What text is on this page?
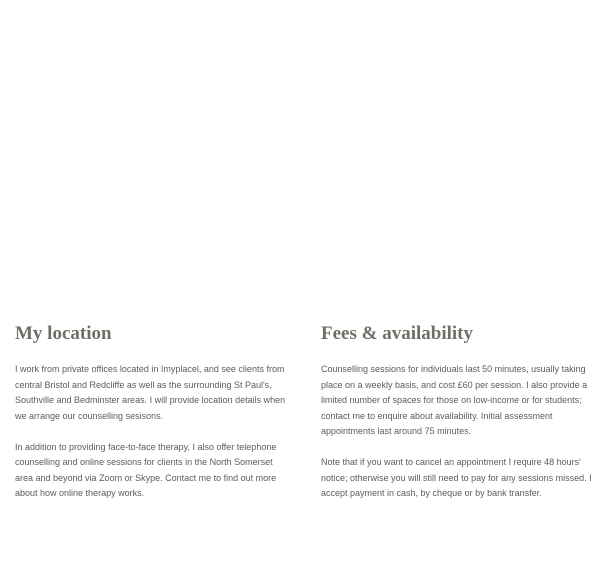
My location

I work from private offices located in Imyplacel, and see clients from
central Bristol and Redcliffe as well as the surrounding St Paul's,
Southville and Bedminster areas. I will provide location details when
we arrange our counselling sesisons.

In addition to providing face-to-face therapy, I also offer telephone
counselling and online sessions for clients in the North Somerset
area and beyond via Zoom or Skype. Contact me to find out more
about how online therapy works.

Fees & availability

Counselling sessions for individuals last 50 minutes, usually taking
place on a weekly basis, and cost £60 per session. I also provide a
limited number of spaces for those on low-income or for students;
contact me to enquire about availability. Initial assessment
appointments last around 75 minutes.

Note that if you want to cancel an appointment I require 48 hours'
notice; otherwise you will still need to pay for any sessions missed. I
accept payment in cash, by cheque or by bank transfer.
